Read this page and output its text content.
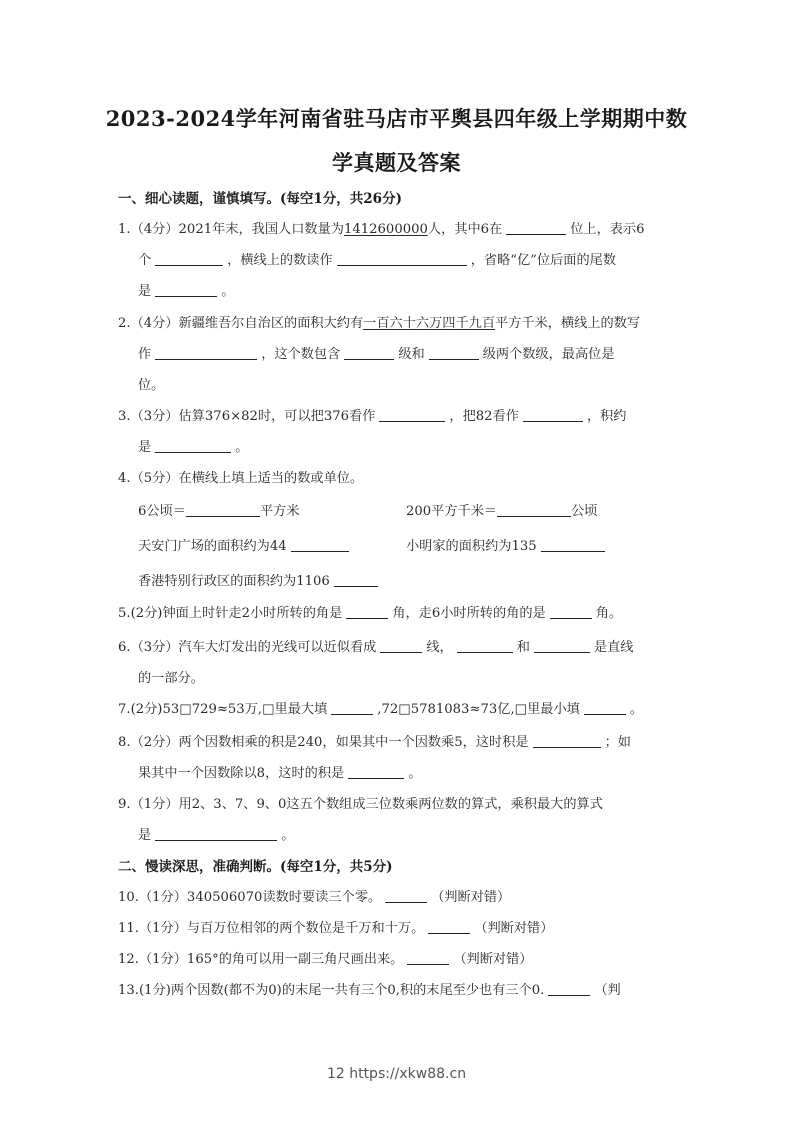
2023-2024学年河南省驻马店市平舆县四年级上学期期中数
学真题及答案
一、细心读题，谨慎填写。(每空1分，共26分)
1.（4分）2021年末，我国人口数量为1412600000人，其中6在	位上，表示6
个	，横线上的数读作	，省略“亿”位后面的尾数
是	。
2.（4分）新疆维吾尔自治区的面积大约有一百六十六万四千九百平方千米，横线上的数写
作	，这个数包含	级和	级两个数级，最高位是
位。
3.（3分）估算376×82时，可以把376看作	，把82看作	，积约
是	。
4.（5分）在横线上填上适当的数或单位。
6公顷＝	平方米	200平方千米＝	公顷
天安门广场的面积约为44	小明家的面积约为135
香港特别行政区的面积约为1106
5.(2分)钟面上时针走2小时所转的角是	角，走6小时所转的角的是	角。
6.（3分）汽车大灯发出的光线可以近似看成	线，	和	是直线
的一部分。
7.(2分)53□729≈53万,□里最大填	,72□5781083≈73亿,□里最小填	。
8.（2分）两个因数相乘的积是240，如果其中一个因数乘5，这时积是	；如
果其中一个因数除以8，这时的积是	。
9.（1分）用2、3、7、9、0这五个数组成三位数乘两位数的算式，乘积最大的算式
是	。
二、慢读深思，准确判断。(每空1分，共5分)
10.（1分）340506070读数时要读三个零。	（判断对错）
11.（1分）与百万位相邻的两个数位是千万和十万。	（判断对错）
12.（1分）165°的角可以用一副三角尺画出来。	（判断对错）
13.(1分)两个因数(都不为0)的末尾一共有三个0,积的末尾至少也有三个0.	（判
12 https://xkw88.cn
